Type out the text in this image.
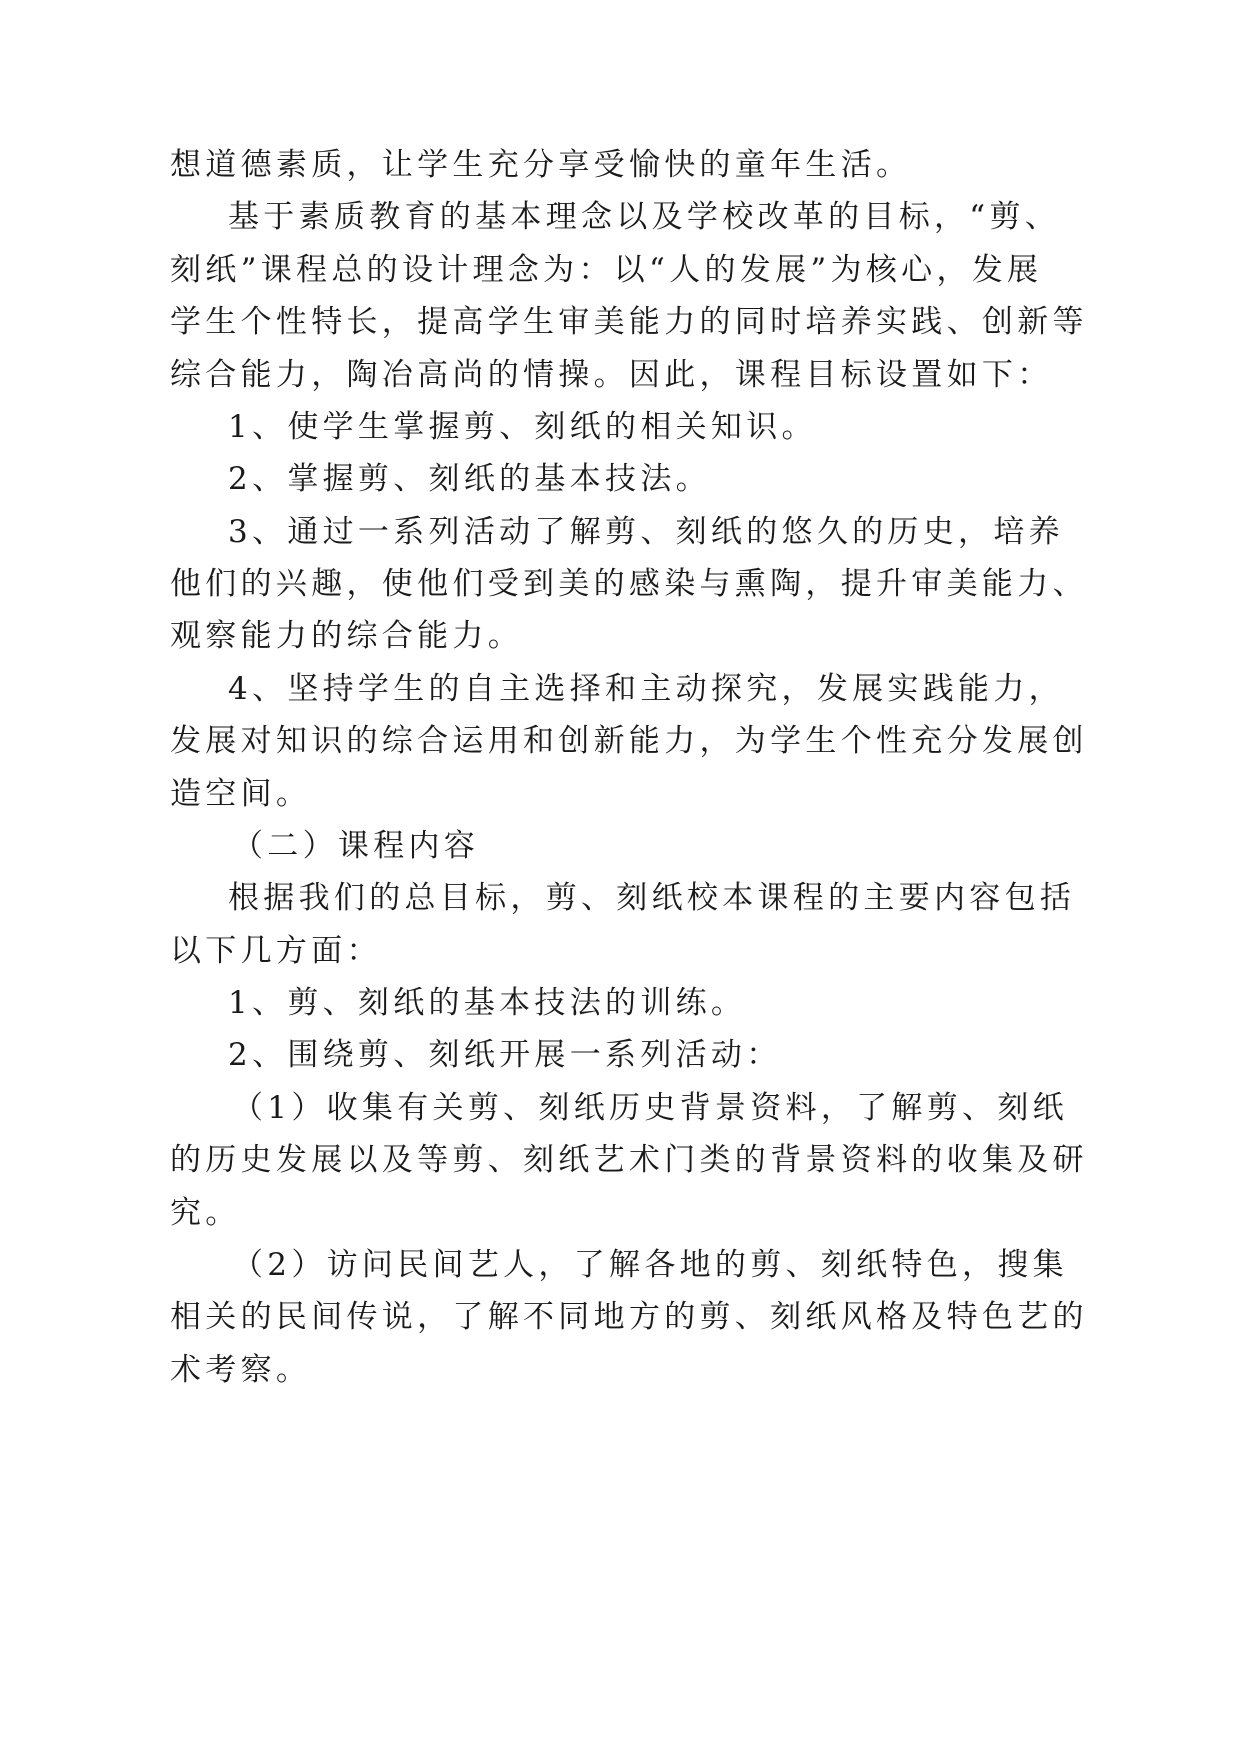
想道德素质，让学生充分享受愉快的童年生活。
基于素质教育的基本理念以及学校改革的目标，“剪、
刻纸”课程总的设计理念为：以“人的发展”为核心，发展
学生个性特长，提高学生审美能力的同时培养实践、创新等
综合能力，陶冶高尚的情操。因此，课程目标设置如下：
1、使学生掌握剪、刻纸的相关知识。
2、掌握剪、刻纸的基本技法。
3、通过一系列活动了解剪、刻纸的悠久的历史，培养
他们的兴趣，使他们受到美的感染与熏陶，提升审美能力、
观察能力的综合能力。
4、坚持学生的自主选择和主动探究，发展实践能力，
发展对知识的综合运用和创新能力，为学生个性充分发展创
造空间。
（二）课程内容
根据我们的总目标，剪、刻纸校本课程的主要内容包括
以下几方面：
1、剪、刻纸的基本技法的训练。
2、围绕剪、刻纸开展一系列活动：
（1）收集有关剪、刻纸历史背景资料，了解剪、刻纸
的历史发展以及等剪、刻纸艺术门类的背景资料的收集及研
究。
（2）访问民间艺人，了解各地的剪、刻纸特色，搜集
相关的民间传说，了解不同地方的剪、刻纸风格及特色艺的
术考察。
